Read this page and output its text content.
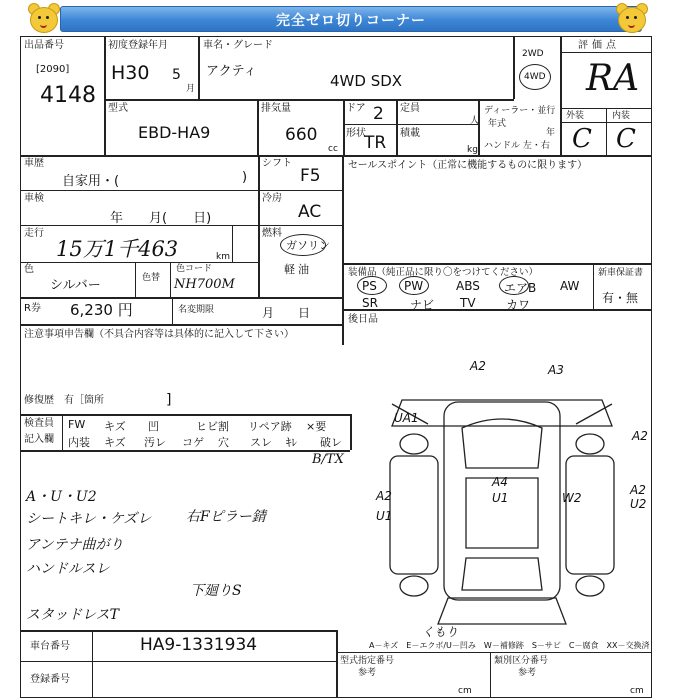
完全ゼロ切りコーナー
出品番号
[2090]
4148
初度登録年月
H30 5
月
車名・グレード
アクティ
4WD SDX
2WD
4WD
評価点
RA
外装	内装
C C
型式
EBD-HA9
排気量
660
cc
ドア 2
形状
TR
定員
人
積載
kg
ディーラー・並行
年式
年
ハンドル 左・右
車歴
自家用・(	)
シフト
F5
車検
年　　月(　　日)
冷房
AC
走行
15万1千463	km
燃料
ガソリン
軽油
色
シルバー	色替
色コード
NH700M
R券 6,230 円	名変期限	月　　日
注意事項申告欄（不具合内容等は具体的に記入して下さい）
修復歴　有［箇所	]
セールスポイント（正常に機能するものに限ります）
装備品（純正品に限り〇をつけてください）	新車保証書
有・無
後日品
検査員
記入欄
B/TX
右Fピラー錆
下廻りS
車台番号	HA9-1331934
登録番号
A2	A3
UA1
A2
A2
U1
A4
U1	W2
A2
U2
くもり
A－キズ　E－エクボ/U－凹み　W－補修跡　S－サビ　C－腐食　XX－交換済
型式指定番号	類別区分番号
参考	参考
cm	cm
PS PW	ABS エアB AW
SR	ナビ TV	カワ
FW キズ 凹	ヒビ割 リペア跡 ×要
内装 キズ 汚レ コゲ 穴 スレ ｷﾚ 破レ
A・U・U2
シートキレ・ケズレ
アンテナ曲がり
ハンドルスレ
スタッドレスT
